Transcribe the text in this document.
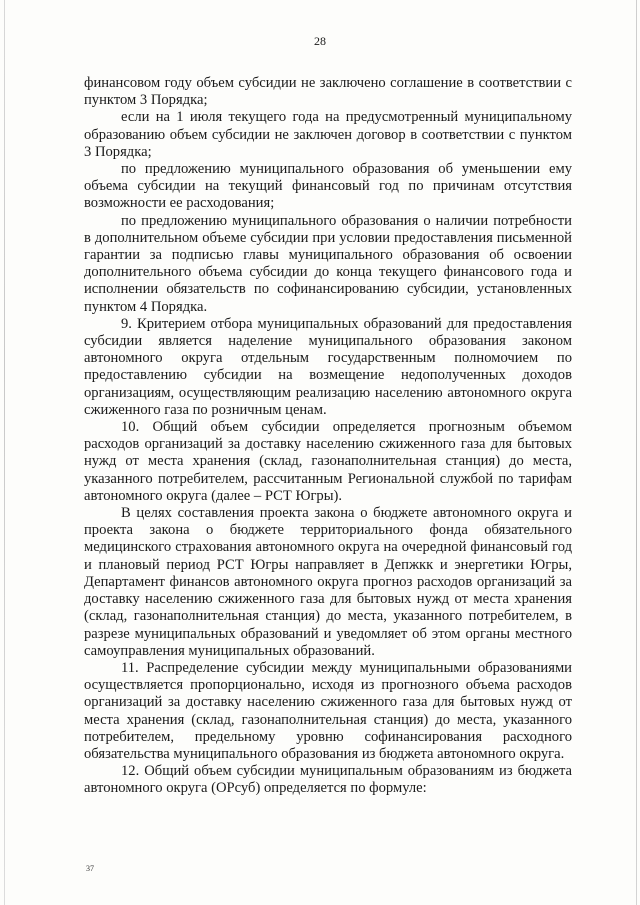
28

финансовом году объем субсидии не заключено соглашение в соответствии с пунктом 3 Порядка;

если на 1 июля текущего года на предусмотренный муниципальному образованию объем субсидии не заключен договор в соответствии с пунктом 3 Порядка;

по предложению муниципального образования об уменьшении ему объема субсидии на текущий финансовый год по причинам отсутствия возможности ее расходования;

по предложению муниципального образования о наличии потребности в дополнительном объеме субсидии при условии предоставления письменной гарантии за подписью главы муниципального образования об освоении дополнительного объема субсидии до конца текущего финансового года и исполнении обязательств по софинансированию субсидии, установленных пунктом 4 Порядка.

9. Критерием отбора муниципальных образований для предоставления субсидии является наделение муниципального образования законом автономного округа отдельным государственным полномочием по предоставлению субсидии на возмещение недополученных доходов организациям, осуществляющим реализацию населению автономного округа сжиженного газа по розничным ценам.

10. Общий объем субсидии определяется прогнозным объемом расходов организаций за доставку населению сжиженного газа для бытовых нужд от места хранения (склад, газонаполнительная станция) до места, указанного потребителем, рассчитанным Региональной службой по тарифам автономного округа (далее – РСТ Югры).

В целях составления проекта закона о бюджете автономного округа и проекта закона о бюджете территориального фонда обязательного медицинского страхования автономного округа на очередной финансовый год и плановый период РСТ Югры направляет в Депжкк и энергетики Югры, Департамент финансов автономного округа прогноз расходов организаций за доставку населению сжиженного газа для бытовых нужд от места хранения (склад, газонаполнительная станция) до места, указанного потребителем, в разрезе муниципальных образований и уведомляет об этом органы местного самоуправления муниципальных образований.

11. Распределение субсидии между муниципальными образованиями осуществляется пропорционально, исходя из прогнозного объема расходов организаций за доставку населению сжиженного газа для бытовых нужд от места хранения (склад, газонаполнительная станция) до места, указанного потребителем, предельному уровню софинансирования расходного обязательства муниципального образования из бюджета автономного округа.

12. Общий объем субсидии муниципальным образованиям из бюджета автономного округа (ОРсуб) определяется по формуле:

37
